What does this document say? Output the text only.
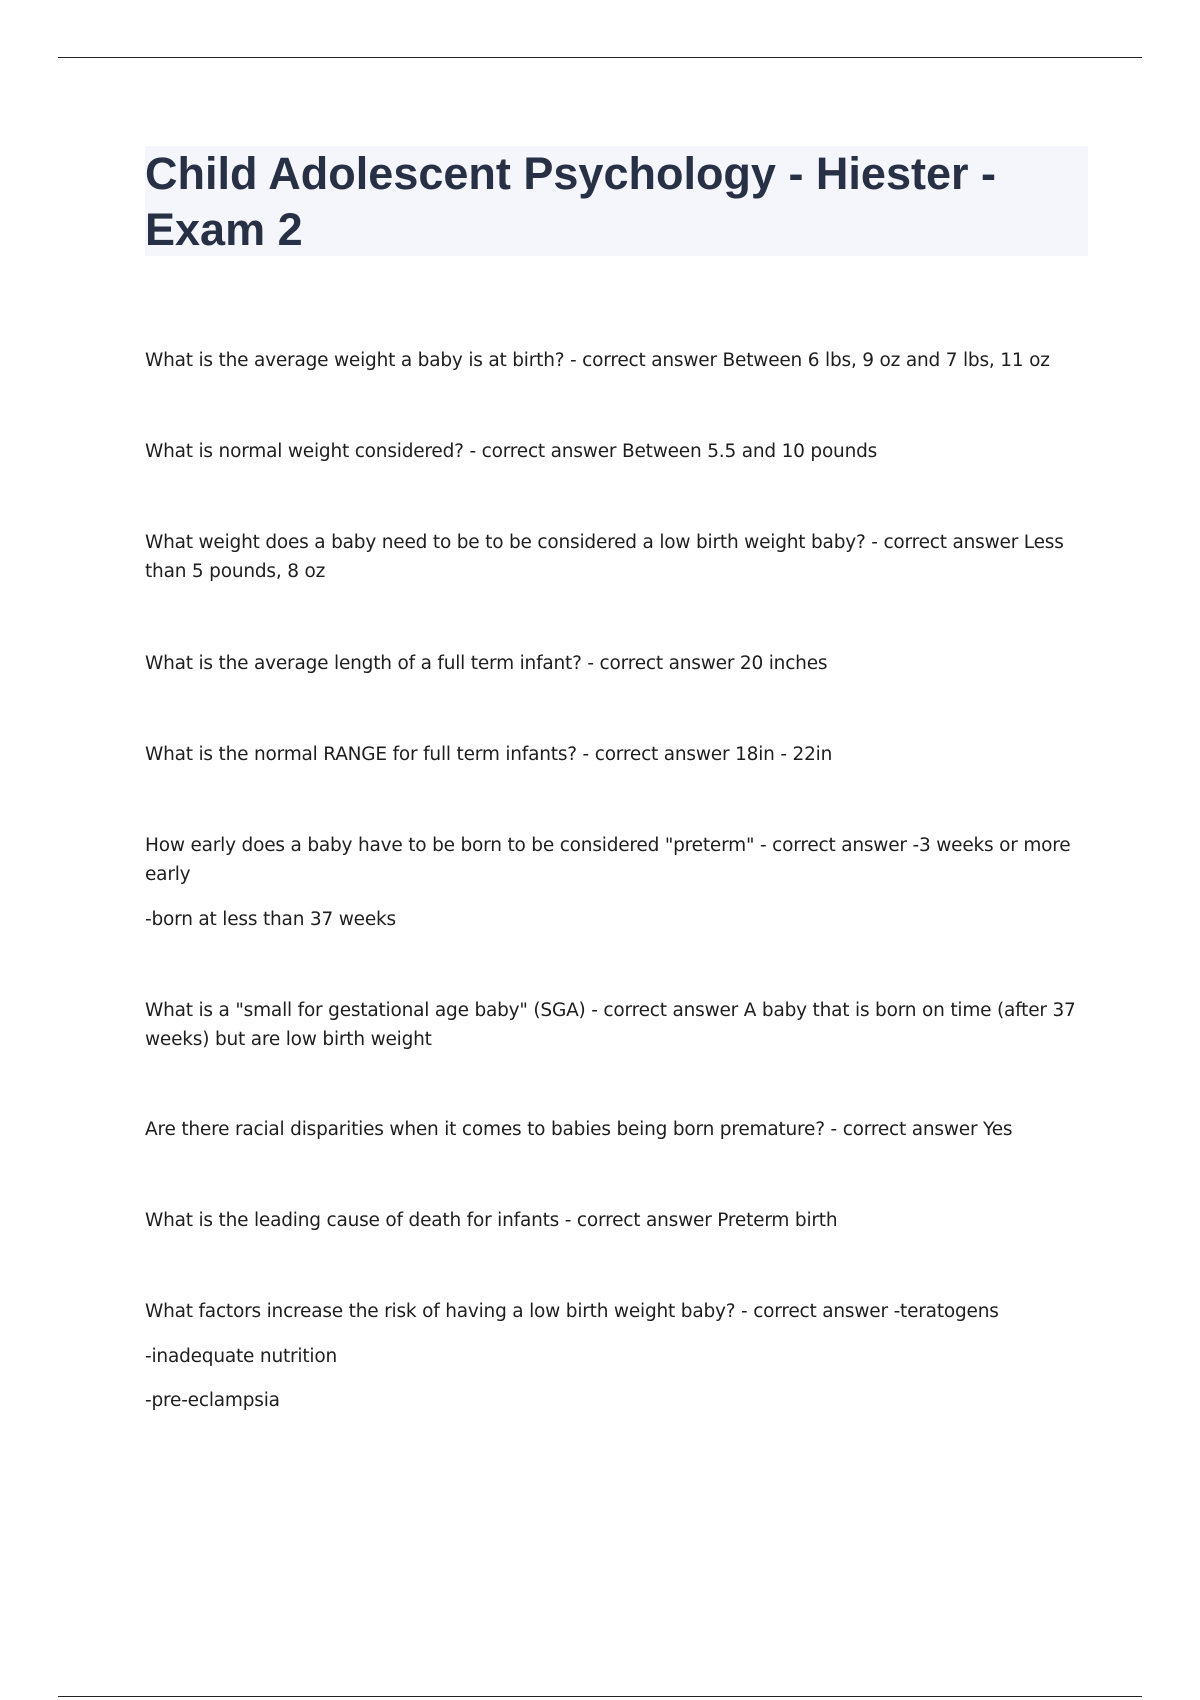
Child Adolescent Psychology - Hiester - Exam 2

What is the average weight a baby is at birth? - correct answer Between 6 lbs, 9 oz and 7 lbs, 11 oz

What is normal weight considered? - correct answer Between 5.5 and 10 pounds

What weight does a baby need to be to be considered a low birth weight baby? - correct answer Less than 5 pounds, 8 oz

What is the average length of a full term infant? - correct answer 20 inches

What is the normal RANGE for full term infants? - correct answer 18in - 22in

How early does a baby have to be born to be considered "preterm" - correct answer -3 weeks or more early

-born at less than 37 weeks

What is a "small for gestational age baby" (SGA) - correct answer A baby that is born on time (after 37 weeks) but are low birth weight

Are there racial disparities when it comes to babies being born premature? - correct answer Yes

What is the leading cause of death for infants - correct answer Preterm birth

What factors increase the risk of having a low birth weight baby? - correct answer -teratogens

-inadequate nutrition

-pre-eclampsia
